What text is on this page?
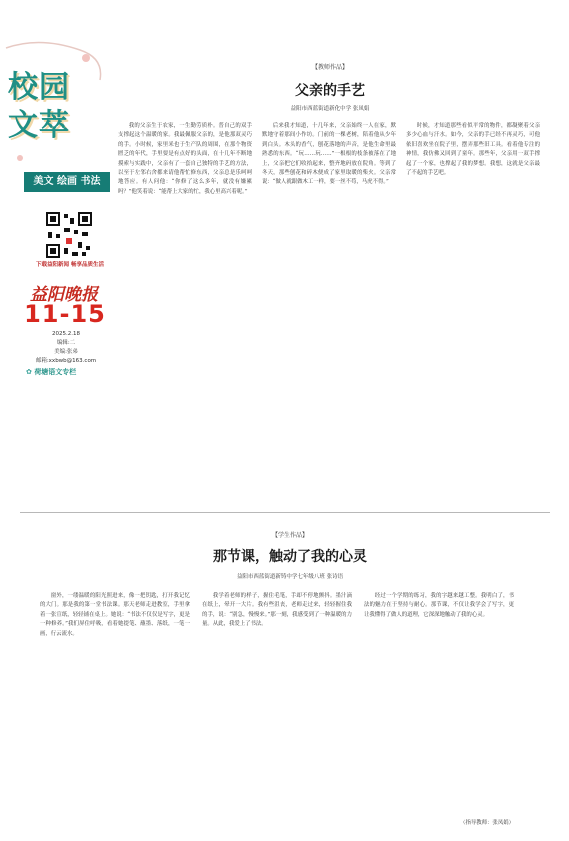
校园
文萃
美文 绘画 书法
下载益阳新闻 畅享品质生活
益阳晚报
11-15
2025.2.18
编辑:二
美编:张弟
邮箱:xxbwb@163.com
✿ 荷塘语文专栏
【教师作品】
父亲的手艺
益阳市西蓝街道新化中学 张凤娟
我的父亲生于农家，一生勤劳质朴。普自己的双手支撑起这个温暖的家。我最佩服父亲的，是他那双灵巧的手。小时候，家里米也于生产队的周围，在那个物资匮乏的年代，手里要是有点好的头面，在十几年不断地摸索与实践中，父亲有了一套自己独特的手艺的方法，以至于左邻右舍都来请他帮忙修东西，父亲总是乐呵呵地答应。有人问他：“你修了这么多年，就没有嫌累吗？”他笑着说：“能帮上大家的忙，我心里高兴着呢。”
后来我才知道，十几年来，父亲始终一人在家，默默地守着那间小作坊。门前的一棵老树，陪着他从少年到白头。木头的香气，刨花落地的声音，是他生命里最熟悉的东西。“玩……玩……”一根根的枝条被落在了地上，父亲把它们收拾起来，整齐地码放在院角。等到了冬天，那些刨花和碎木便成了家里取暖的柴火。父亲常说：“做人就跟做木工一样，要一丝不苟，马虎不得。”
时候，才知道那些看似平常的物件，都凝聚着父亲多少心血与汗水。如今，父亲的手已经不再灵巧，可他依旧喜欢坐在院子里，摆弄那些旧工具。看着他专注的神情，我仿佛又回到了童年。那些年，父亲用一双手撑起了一个家，也撑起了我的梦想。我想，这就是父亲最了不起的手艺吧。
【学生作品】
那节课，触动了我的心灵
益阳市西蓝街道新铸中学七年级八班 张诗语
窗外，一缕温暖的阳光照进来，像一把钥匙，打开我记忆的大门。那是我的第一堂书法课。那天老师走进教室，手里拿着一张宣纸，轻轻铺在桌上。她说：“书法不仅仅是写字，更是一种修养。”我们屏住呼吸，看着她提笔、蘸墨、落纸，一笔一画，行云流水。
我学着老师的样子，握住毛笔，手却不停地颤抖。墨汁滴在纸上，晕开一大片。我有些沮丧，老师走过来，轻轻握住我的手，说：“别急，慢慢来。”那一刻，我感受到了一种温暖的力量。从此，我爱上了书法。
经过一个学期的练习，我的字越来越工整。我明白了，书法的魅力在于坚持与耐心。那节课，不仅让我学会了写字，更让我懂得了做人的道理，它深深地触动了我的心灵。
（指导教师：张凤娟）
